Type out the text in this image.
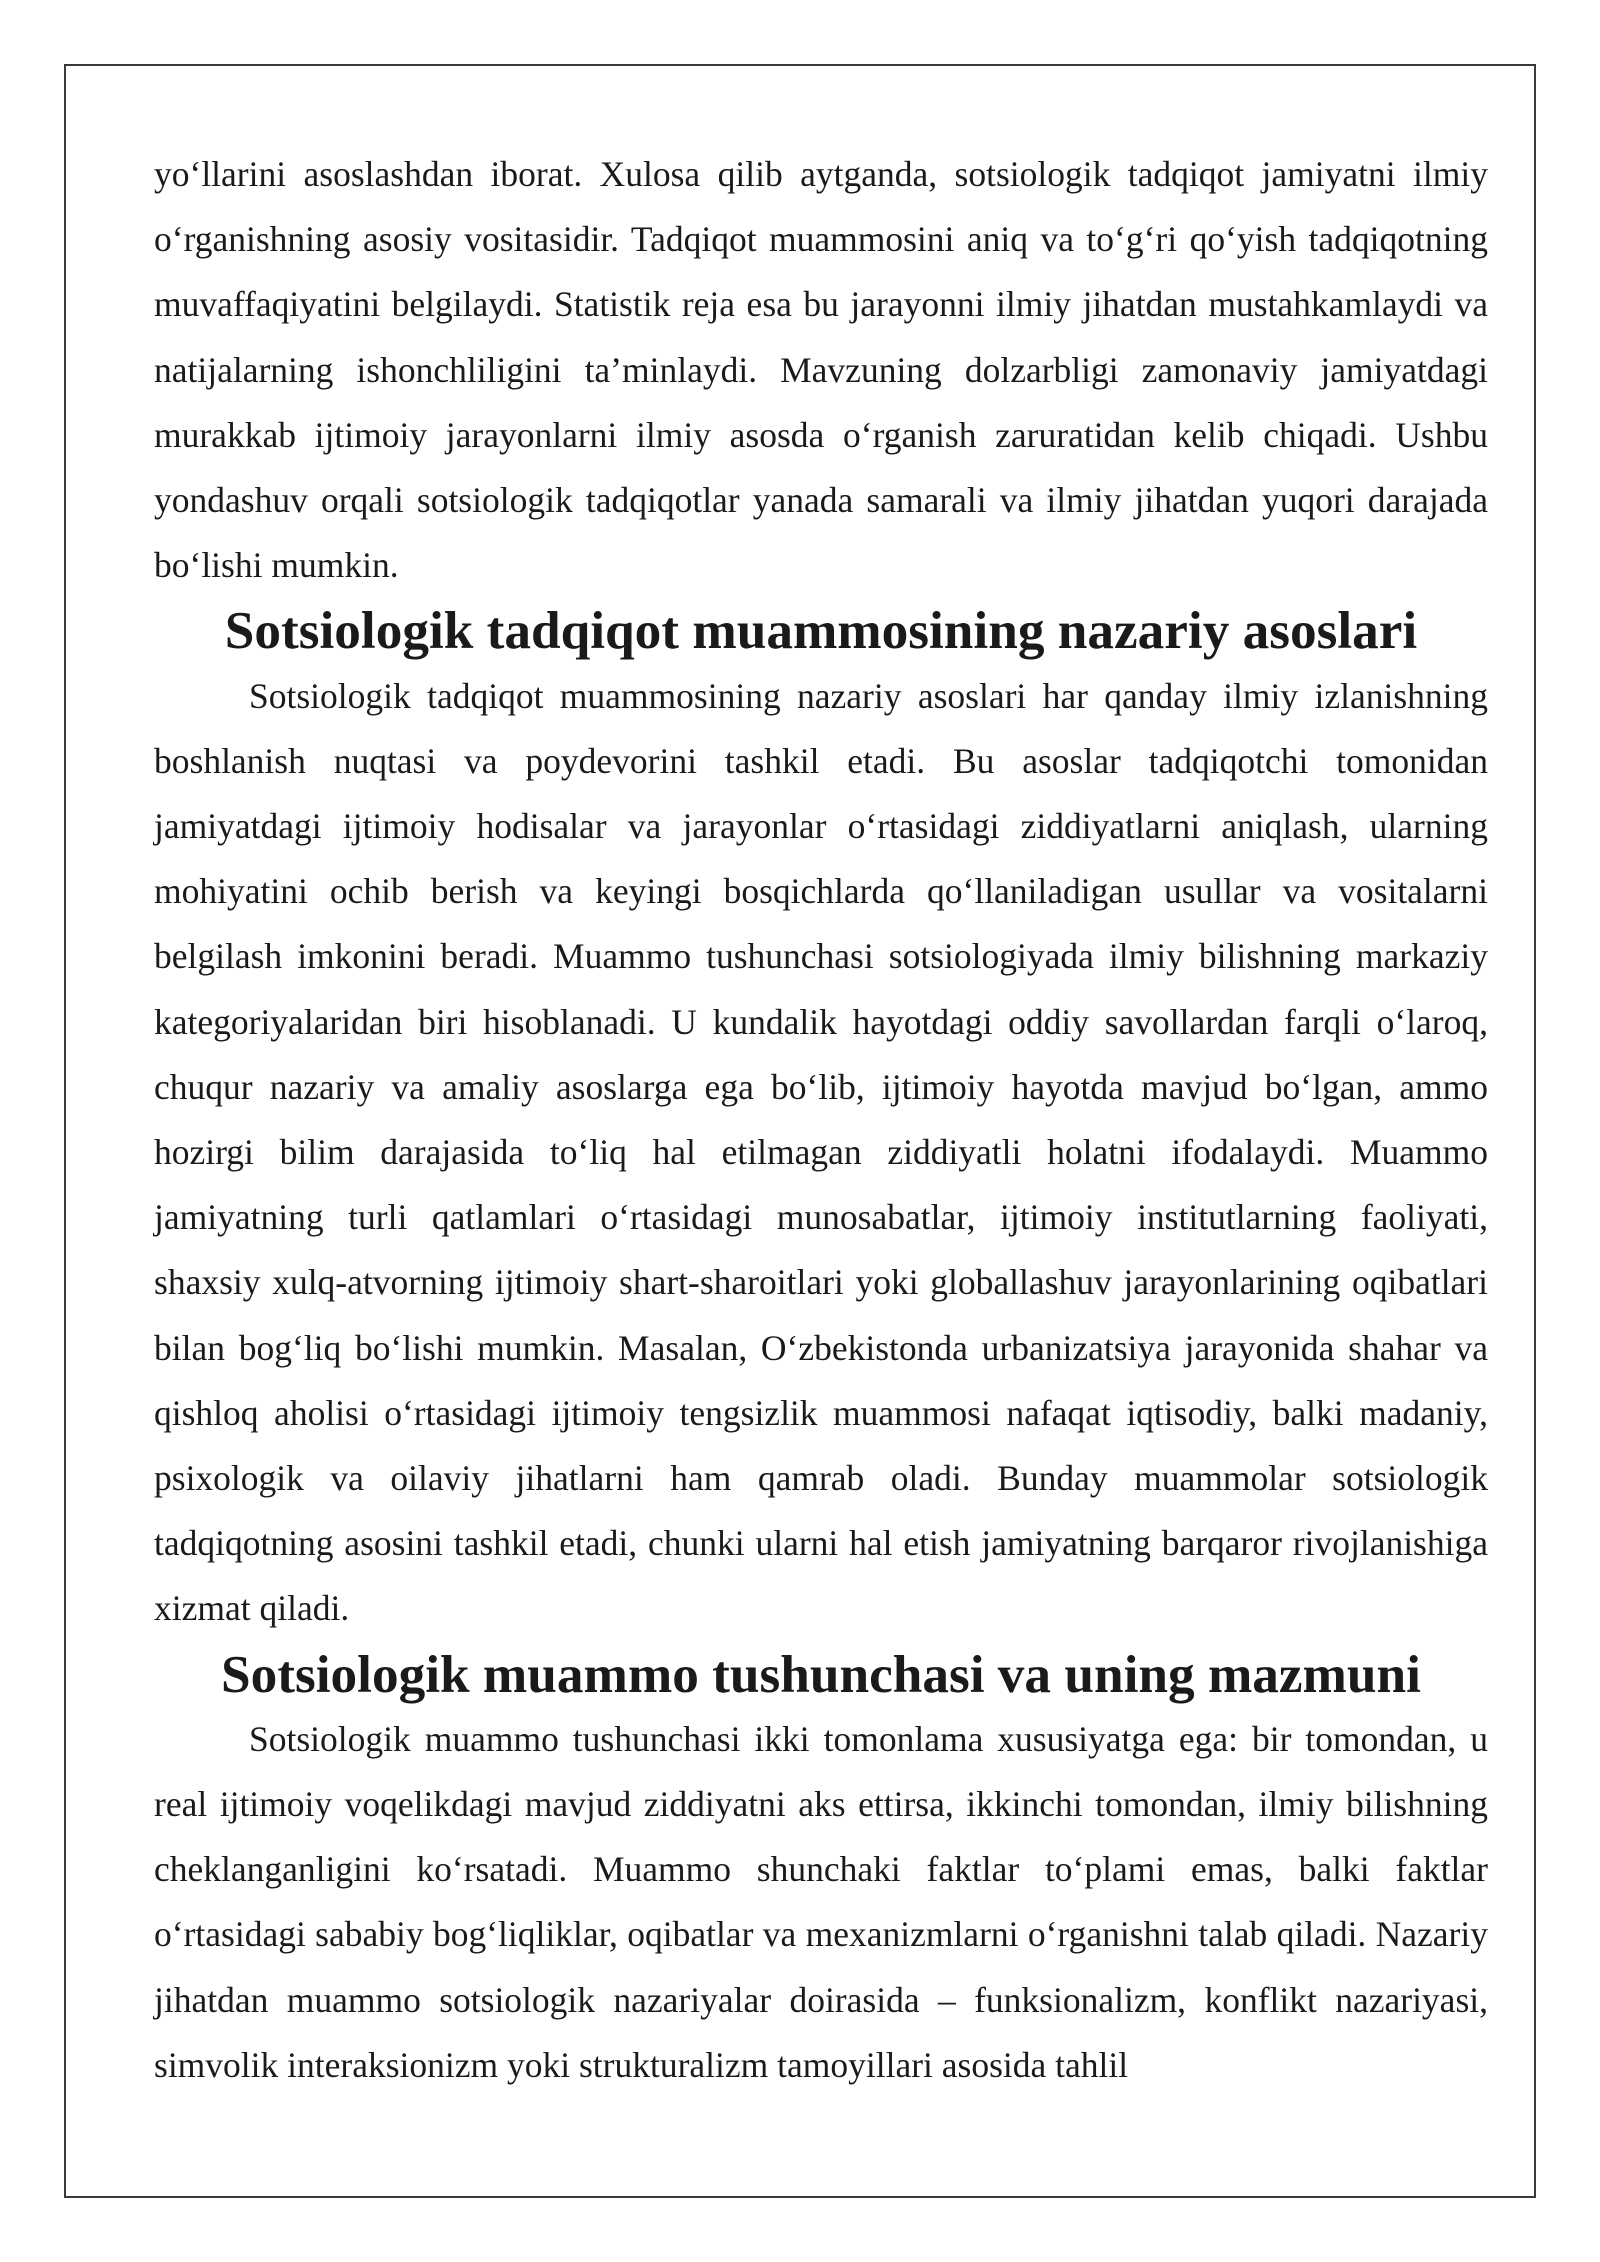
yo‘llarini asoslashdan iborat. Xulosa qilib aytganda, sotsiologik tadqiqot jamiyatni ilmiy o‘rganishning asosiy vositasidir. Tadqiqot muammosini aniq va to‘g‘ri qo‘yish tadqiqotning muvaffaqiyatini belgilaydi. Statistik reja esa bu jarayonni ilmiy jihatdan mustahkamlaydi va natijalarning ishonchliligini ta’minlaydi. Mavzuning dolzarbligi zamonaviy jamiyatdagi murakkab ijtimoiy jarayonlarni ilmiy asosda o‘rganish zaruratidan kelib chiqadi. Ushbu yondashuv orqali sotsiologik tadqiqotlar yanada samarali va ilmiy jihatdan yuqori darajada bo‘lishi mumkin.

Sotsiologik tadqiqot muammosining nazariy asoslari

Sotsiologik tadqiqot muammosining nazariy asoslari har qanday ilmiy izlanishning boshlanish nuqtasi va poydevorini tashkil etadi. Bu asoslar tadqiqotchi tomonidan jamiyatdagi ijtimoiy hodisalar va jarayonlar o‘rtasidagi ziddiyatlarni aniqlash, ularning mohiyatini ochib berish va keyingi bosqichlarda qo‘llaniladigan usullar va vositalarni belgilash imkonini beradi. Muammo tushunchasi sotsiologiyada ilmiy bilishning markaziy kategoriyalaridan biri hisoblanadi. U kundalik hayotdagi oddiy savollardan farqli o‘laroq, chuqur nazariy va amaliy asoslarga ega bo‘lib, ijtimoiy hayotda mavjud bo‘lgan, ammo hozirgi bilim darajasida to‘liq hal etilmagan ziddiyatli holatni ifodalaydi. Muammo jamiyatning turli qatlamlari o‘rtasidagi munosabatlar, ijtimoiy institutlarning faoliyati, shaxsiy xulq-atvorning ijtimoiy shart-sharoitlari yoki globallashuv jarayonlarining oqibatlari bilan bog‘liq bo‘lishi mumkin. Masalan, O‘zbekistonda urbanizatsiya jarayonida shahar va qishloq aholisi o‘rtasidagi ijtimoiy tengsizlik muammosi nafaqat iqtisodiy, balki madaniy, psixologik va oilaviy jihatlarni ham qamrab oladi. Bunday muammolar sotsiologik tadqiqotning asosini tashkil etadi, chunki ularni hal etish jamiyatning barqaror rivojlanishiga xizmat qiladi.

Sotsiologik muammo tushunchasi va uning mazmuni

Sotsiologik muammo tushunchasi ikki tomonlama xususiyatga ega: bir tomondan, u real ijtimoiy voqelikdagi mavjud ziddiyatni aks ettirsa, ikkinchi tomondan, ilmiy bilishning cheklanganligini ko‘rsatadi. Muammo shunchaki faktlar to‘plami emas, balki faktlar o‘rtasidagi sababiy bog‘liqliklar, oqibatlar va mexanizmlarni o‘rganishni talab qiladi. Nazariy jihatdan muammo sotsiologik nazariyalar doirasida – funksionalizm, konflikt nazariyasi, simvolik interaksionizm yoki strukturalizm tamoyillari asosida tahlil
